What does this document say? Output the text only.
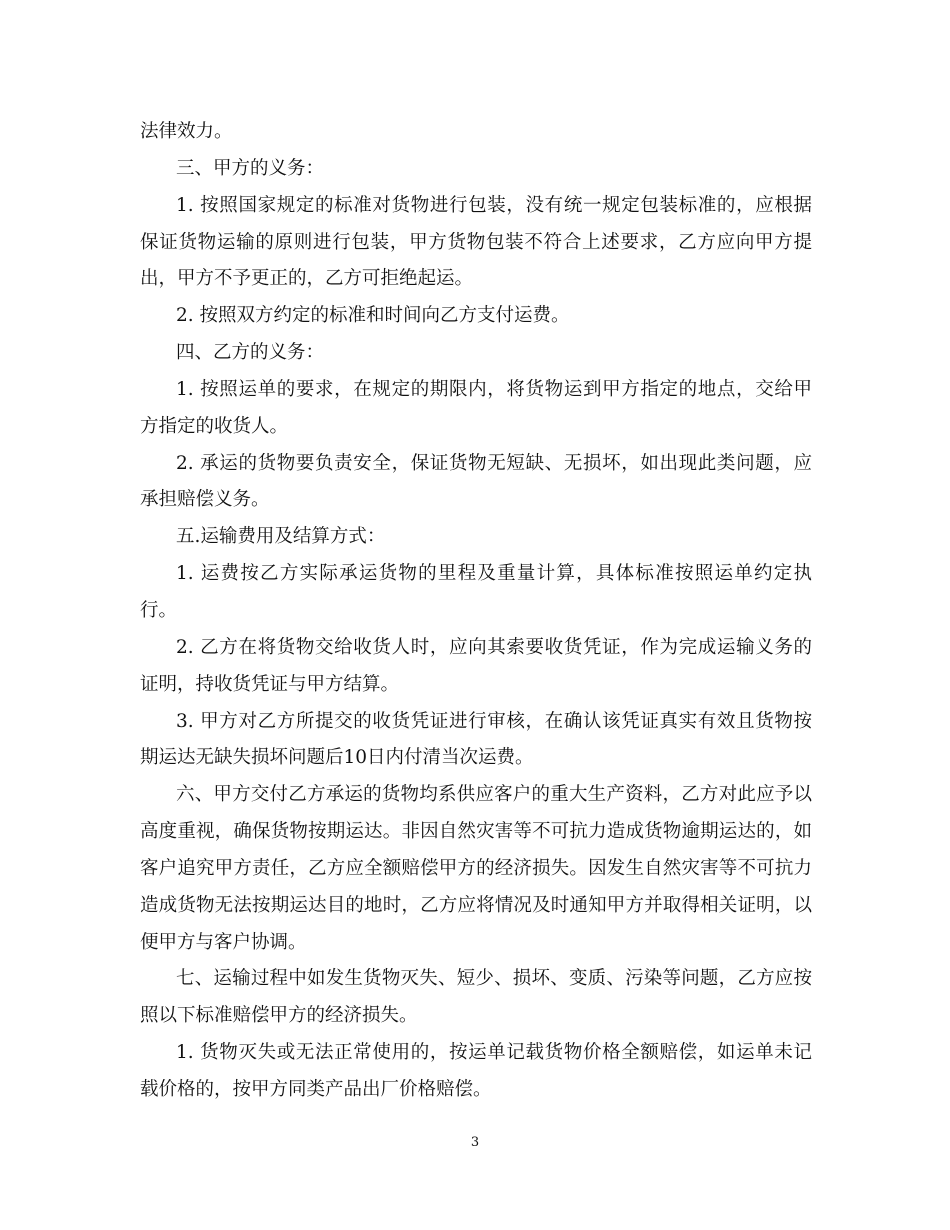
法律效力。
三、甲方的义务：
1. 按照国家规定的标准对货物进行包装，没有统一规定包装标准的，应根据
保证货物运输的原则进行包装，甲方货物包装不符合上述要求，乙方应向甲方提
出，甲方不予更正的，乙方可拒绝起运。
2. 按照双方约定的标准和时间向乙方支付运费。
四、乙方的义务：
1. 按照运单的要求，在规定的期限内，将货物运到甲方指定的地点，交给甲
方指定的收货人。
2. 承运的货物要负责安全，保证货物无短缺、无损坏，如出现此类问题，应
承担赔偿义务。
五.运输费用及结算方式：
1. 运费按乙方实际承运货物的里程及重量计算，具体标准按照运单约定执
行。
2. 乙方在将货物交给收货人时，应向其索要收货凭证，作为完成运输义务的
证明，持收货凭证与甲方结算。
3. 甲方对乙方所提交的收货凭证进行审核，在确认该凭证真实有效且货物按
期运达无缺失损坏问题后10日内付清当次运费。
六、甲方交付乙方承运的货物均系供应客户的重大生产资料，乙方对此应予以
高度重视，确保货物按期运达。非因自然灾害等不可抗力造成货物逾期运达的，如
客户追究甲方责任，乙方应全额赔偿甲方的经济损失。因发生自然灾害等不可抗力
造成货物无法按期运达目的地时，乙方应将情况及时通知甲方并取得相关证明，以
便甲方与客户协调。
七、运输过程中如发生货物灭失、短少、损坏、变质、污染等问题，乙方应按
照以下标准赔偿甲方的经济损失。
1. 货物灭失或无法正常使用的，按运单记载货物价格全额赔偿，如运单未记
载价格的，按甲方同类产品出厂价格赔偿。
3
